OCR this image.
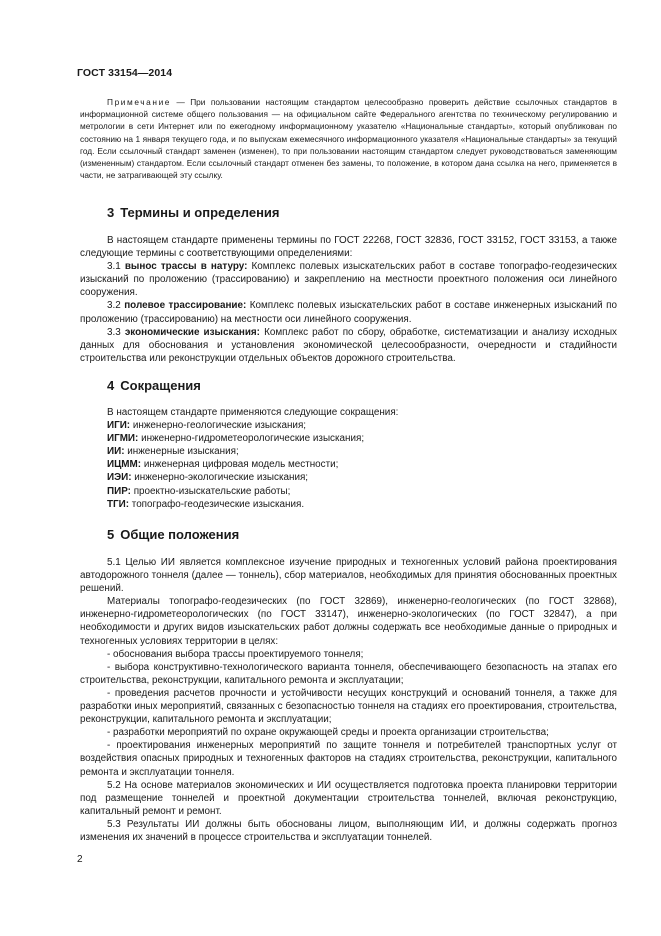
ГОСТ 33154—2014
Примечание — При пользовании настоящим стандартом целесообразно проверить действие ссылочных стандартов в информационной системе общего пользования — на официальном сайте Федерального агентства по техническому регулированию и метрологии в сети Интернет или по ежегодному информационному указателю «Национальные стандарты», который опубликован по состоянию на 1 января текущего года, и по выпускам ежемесячного информационного указателя «Национальные стандарты» за текущий год. Если ссылочный стандарт заменен (изменен), то при пользовании настоящим стандартом следует руководствоваться заменяющим (измененным) стандартом. Если ссылочный стандарт отменен без замены, то положение, в котором дана ссылка на него, применяется в части, не затрагивающей эту ссылку.
3 Термины и определения

В настоящем стандарте применены термины по ГОСТ 22268, ГОСТ 32836, ГОСТ 33152, ГОСТ 33153, а также следующие термины с соответствующими определениями:

3.1 вынос трассы в натуру: Комплекс полевых изыскательских работ в составе топографо-геодезических изысканий по проложению (трассированию) и закреплению на местности проектного положения оси линейного сооружения.

3.2 полевое трассирование: Комплекс полевых изыскательских работ в составе инженерных изысканий по проложению (трассированию) на местности оси линейного сооружения.

3.3 экономические изыскания: Комплекс работ по сбору, обработке, систематизации и анализу исходных данных для обоснования и установления экономической целесообразности, очередности и стадийности строительства или реконструкции отдельных объектов дорожного строительства.

4 Сокращения
В настоящем стандарте применяются следующие сокращения:
ИГИ: инженерно-геологические изыскания;
ИГМИ: инженерно-гидрометеорологические изыскания;
ИИ: инженерные изыскания;
ИЦММ: инженерная цифровая модель местности;
ИЭИ: инженерно-экологические изыскания;
ПИР: проектно-изыскательские работы;
ТГИ: топографо-геодезические изыскания.
5 Общие положения

5.1 Целью ИИ является комплексное изучение природных и техногенных условий района проектирования автодорожного тоннеля (далее — тоннель), сбор материалов, необходимых для принятия обоснованных проектных решений.

Материалы топографо-геодезических (по ГОСТ 32869), инженерно-геологических (по ГОСТ 32868), инженерно-гидрометеорологических (по ГОСТ 33147), инженерно-экологических (по ГОСТ 32847), а при необходимости и других видов изыскательских работ должны содержать все необходимые данные о природных и техногенных условиях территории в целях:

- обоснования выбора трассы проектируемого тоннеля;

- выбора конструктивно-технологического варианта тоннеля, обеспечивающего безопасность на этапах его строительства, реконструкции, капитального ремонта и эксплуатации;

- проведения расчетов прочности и устойчивости несущих конструкций и оснований тоннеля, а также для разработки иных мероприятий, связанных с безопасностью тоннеля на стадиях его проектирования, строительства, реконструкции, капитального ремонта и эксплуатации;

- разработки мероприятий по охране окружающей среды и проекта организации строительства;

- проектирования инженерных мероприятий по защите тоннеля и потребителей транспортных услуг от воздействия опасных природных и техногенных факторов на стадиях строительства, реконструкции, капитального ремонта и эксплуатации тоннеля.

5.2 На основе материалов экономических и ИИ осуществляется подготовка проекта планировки территории под размещение тоннелей и проектной документации строительства тоннелей, включая реконструкцию, капитальный ремонт и ремонт.

5.3 Результаты ИИ должны быть обоснованы лицом, выполняющим ИИ, и должны содержать прогноз изменения их значений в процессе строительства и эксплуатации тоннелей.

2
